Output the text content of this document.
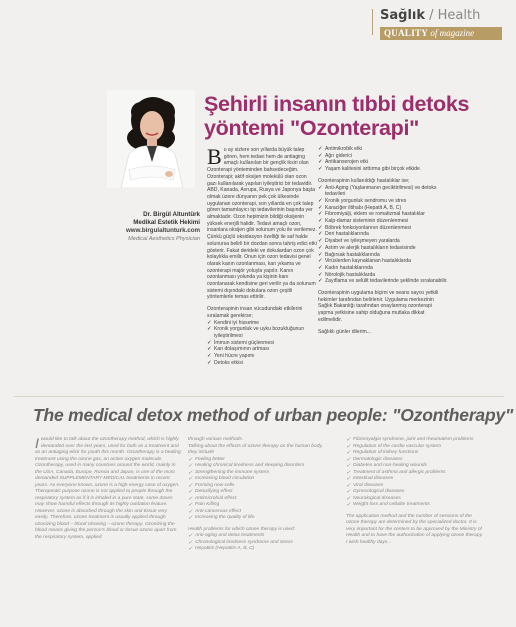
Sağlık / Health
QUALITY of magazine
Dr. Birgül Altuntürk
Medikal Estetik Hekimi
www.birgulaltunturk.com
Medical Aesthetics Physician
Şehirli insanın tıbbi detoks yöntemi "Ozonterapi"

Bu ay sizlere son yıllarda büyük talep gören, hem tedavi hem de antiaging amaçlı kullanılan bir gençlik iksiri olan Ozonterapi yönteminden bahsedeceğim. Ozonterapi; aktif oksijen molekülü olan ozon gazı kullanılarak yapılan iyileştirici bir tedavidir. ABD, Kanada, Avrupa, Rusya ve Japonya başta olmak üzere dünyanın pek çok ülkesinde uygulanan ozonterapi, son yıllarda en çok talep gören tamamlayıcı tıp tedavilerinin başında yer almaktadır. Ozon hepimizin bildiği oksijenin yüksek enerjili halidir. Tedavi amaçlı ozon, insanlara oksijen gibi solunum yolu ile verilemez. Çünkü güçlü oksidasyon özelliği ile saf halde solunursa belirli bir dozdan sonra tahriş edici etki gösterir. Fakat derideki ve dokulardan ozon çok kolaylıkla emilir. Onun için ozon tedavisi genel olarak kanın ozonlanması, kan yıkama ve ozonterapi majör yoluyla yapılır. Kanın ozonlanması yolunda ya kişinin kanı ozonlanarak kendisine geri verilir ya da solunum sistemi dışındaki dokulara ozon çeşitli yöntemlerle temas ettirilir.

Ozonterapinin insan vücudundaki etkilerini sıralamak gerekirse;

✓ Kendini iyi hissetme
✓ Kronik yorgunluk ve uyku bozukluğunun iyileştirilmesi
✓ İmmun sistemi güçlenmesi
✓ Kan dolaşımının artması
✓ Yeni hücre yapımı
✓ Detoks etkisi
✓ Antimikrobik etki
✓ Ağrı giderici
✓ Antikanserojen etki
✓ Yaşam kalitesini arttırma gibi birçok etkide.

Ozonterapinin kullanıldığı hastalıklar ise;

✓ Anti-Aging (Yaşlanmanın geciktirilmesi) ve detoks tedavileri
✓ Kronik yorgunluk sendromu ve stres
✓ Karaciğer iltihabı (Hepatit A, B, C)
✓ Fibromiyalji, eklem ve romatizmal hastalıklar
✓ Kalp-damar sisteminin düzenlenmesi
✓ Böbrek fonksiyonlarının düzenlenmesi
✓ Deri hastalıklarında
✓ Diyabet ve iyileşmeyen yaralarda
✓ Astım ve alerjik hastalıkların tedavisinde
✓ Bağırsak hastalıklarında
✓ Virüslerden kaynaklanan hastalıklarda
✓ Kadın hastalıklarında
✓ Nörolojik hastalıklarda
✓ Zayıflama ve selülit tedavilerinde şeklinde sıralanabilir.

Ozonterapinin uygulama biçimi ve seans sayısı yetkili hekimler tarafından belirlenir. Uygulama merkezinin Sağlık Bakanlığı tarafından onaylanmış ozonterapi yapma yetkisine sahip olduğuna mutlaka dikkat edilmelidir.

Sağlıklı günler dilerim...

The medical detox method of urban people: "Ozontherapy"

I would like to talk about the ozontherapy method, which is highly demanded over the last years, used for both as a treatment and as an antiaging elixir for youth this month. Ozontherapy is a healing treatment using the ozone gas, an active oxygen molecule. Ozontherapy, used in many countries around the world, mainly in the USA, Canada, Europe, Russia and Japan, is one of the most demanded SUPPLEMENTARY MEDICAL treatments in recent years. As everyone knows, ozone is a high energy case of oxygen. Therapeutic purpose ozone is not applied to people through the respiratory system as if it is inhaled in a pure state, some doses may show harmful effects through its highly oxidation feature. However, ozone is absorbed through the skin and tissue very easily. Therefore, ozone treatment is usually applied through ozonizing blood – blood cleaning – ozone therapy. Ozonizing the blood means giving the person's blood or tissue ozone apart from the respiratory system, applied

through various methods.

Talking about the effects of ozone therapy on the human body, they include

✓ Feeling better
✓ Healing chronical tiredness and sleeping disorders
✓ Strengthening the immune system
✓ Increasing blood circulation
✓ Forming new cells
✓ Detoxifying effect
✓ Antimicrobial effect
✓ Pain Killing
✓ Anti-cancerous effect
✓ Increasing the quality of life.

Health problems for which ozone therapy is used:

✓ Anti-aging and detox treatments
✓ Chronological tiredness syndrome and stress
✓ Hepatitis (Hepatitis A, B, C)
✓ Fibromyalgia syndrome, joint and rheumatism problems
✓ Regulation of the cardio vascular system
✓ Regulation of kidney functions
✓ Dermatologic diseases
✓ Diabetes and non-healing wounds
✓ Treatment of asthma and allergic problems
✓ Intestinal diseases
✓ Viral diseases
✓ Gynecological diseases
✓ Neurological diseases
✓ Weight loss and cellulite treatments

The application method and the number of sessions of the ozone therapy are determined by the specialized doctor. It is very important for the centers to be approved by the Ministry of Health and to have the authorization of applying ozone therapy.

I wish healthy days...
